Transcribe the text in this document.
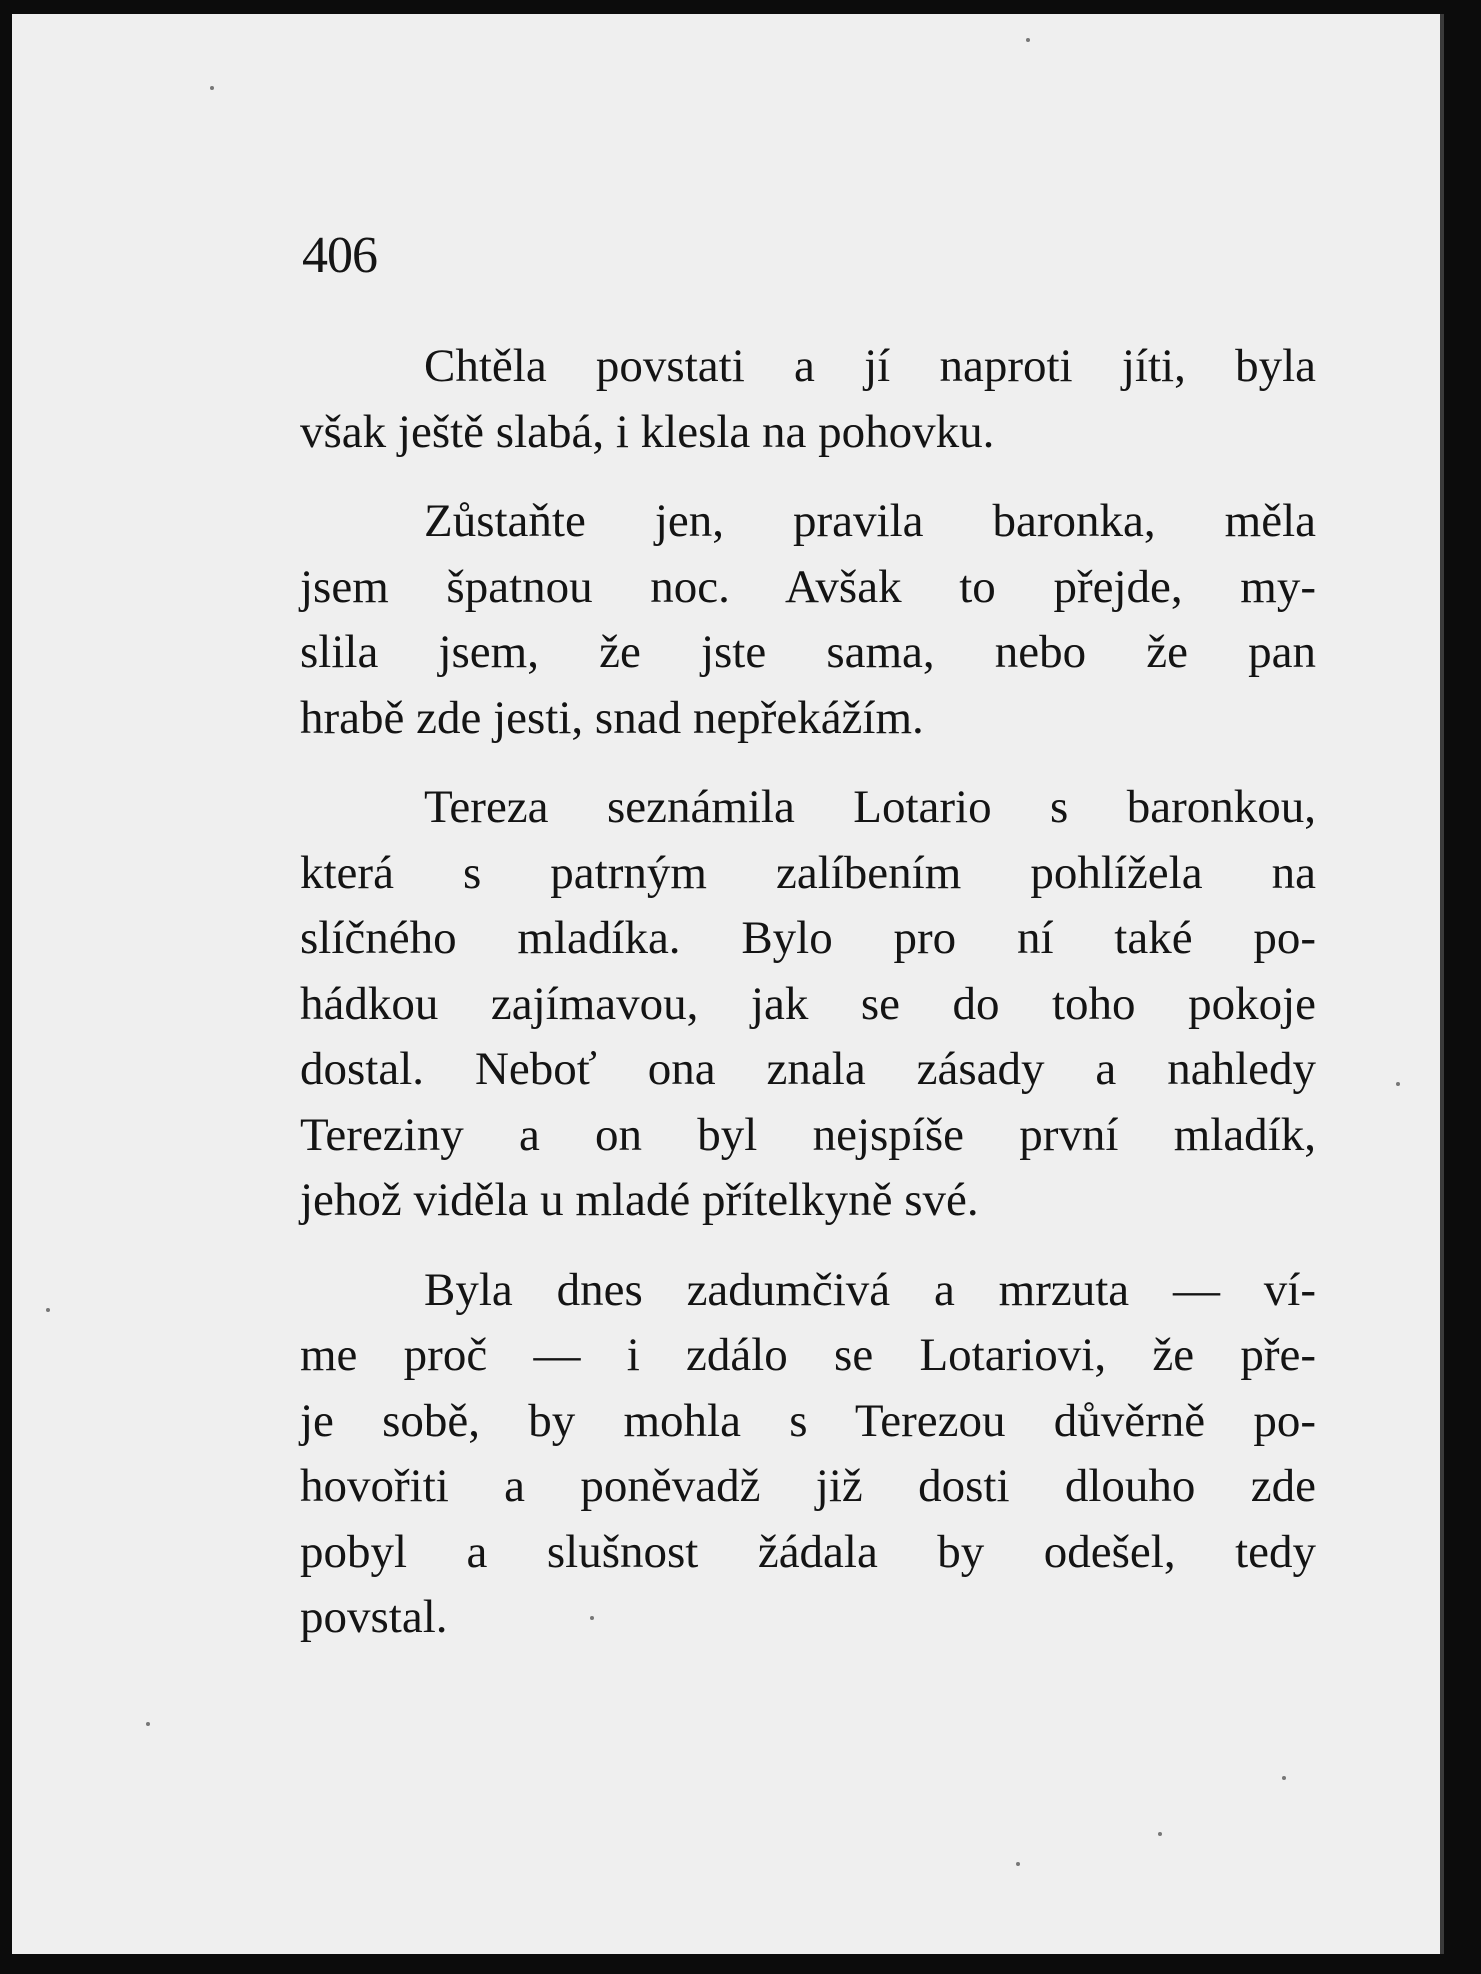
406
Chtěla povstati a jí naproti jíti, byla
však ještě slabá, i klesla na pohovku.
Zůstaňte jen, pravila baronka, měla
jsem špatnou noc. Avšak to přejde, my-
slila jsem, že jste sama, nebo že pan
hrabě zde jesti, snad nepřekážím.
Tereza seznámila Lotario s baronkou,
která s patrným zalíbením pohlížela na
slíčného mladíka. Bylo pro ní také po-
hádkou zajímavou, jak se do toho pokoje
dostal. Neboť ona znala zásady a nahledy
Tereziny a on byl nejspíše první mladík,
jehož viděla u mladé přítelkyně své.
Byla dnes zadumčivá a mrzuta — ví-
me proč — i zdálo se Lotariovi, že pře-
je sobě, by mohla s Terezou důvěrně po-
hovořiti a poněvadž již dosti dlouho zde
pobyl a slušnost žádala by odešel, tedy
povstal.
